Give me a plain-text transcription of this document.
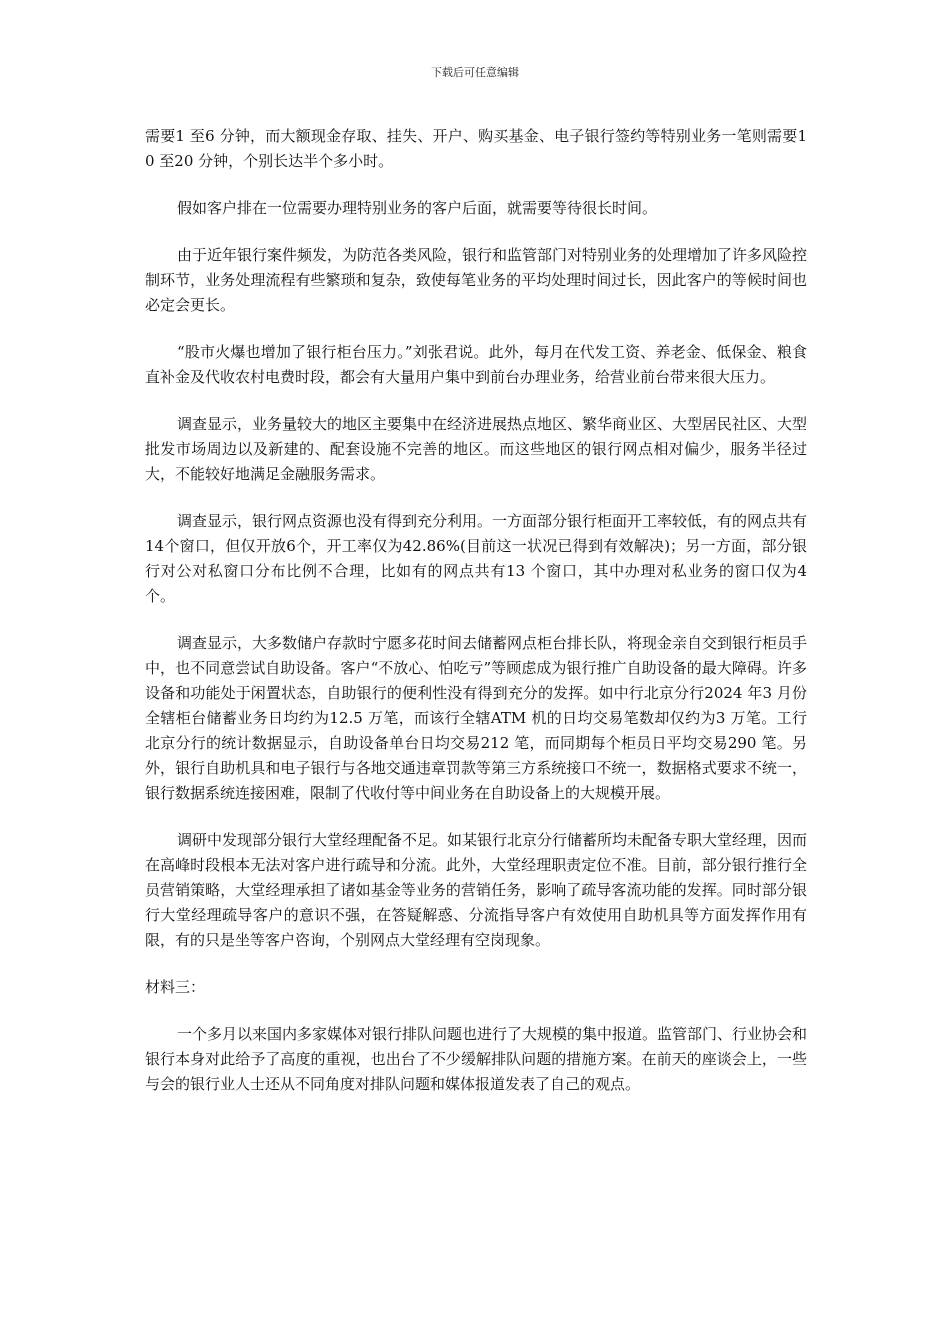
下载后可任意编辑

需要1 至6 分钟，而大额现金存取、挂失、开户、购买基金、电子银行签约等特别业务一笔则需要10 至20 分钟，个别长达半个多小时。

假如客户排在一位需要办理特别业务的客户后面，就需要等待很长时间。

由于近年银行案件频发，为防范各类风险，银行和监管部门对特别业务的处理增加了许多风险控制环节，业务处理流程有些繁琐和复杂，致使每笔业务的平均处理时间过长，因此客户的等候时间也必定会更长。

“股市火爆也增加了银行柜台压力。”刘张君说。此外，每月在代发工资、养老金、低保金、粮食直补金及代收农村电费时段，都会有大量用户集中到前台办理业务，给营业前台带来很大压力。

调查显示，业务量较大的地区主要集中在经济进展热点地区、繁华商业区、大型居民社区、大型批发市场周边以及新建的、配套设施不完善的地区。而这些地区的银行网点相对偏少，服务半径过大，不能较好地满足金融服务需求。

调查显示，银行网点资源也没有得到充分利用。一方面部分银行柜面开工率较低，有的网点共有14个窗口，但仅开放6个，开工率仅为42.86%(目前这一状况已得到有效解决)；另一方面，部分银行对公对私窗口分布比例不合理，比如有的网点共有13 个窗口，其中办理对私业务的窗口仅为4 个。

调查显示，大多数储户存款时宁愿多花时间去储蓄网点柜台排长队，将现金亲自交到银行柜员手中，也不同意尝试自助设备。客户“不放心、怕吃亏”等顾虑成为银行推广自助设备的最大障碍。许多设备和功能处于闲置状态，自助银行的便利性没有得到充分的发挥。如中行北京分行2024 年3 月份全辖柜台储蓄业务日均约为12.5 万笔，而该行全辖ATM 机的日均交易笔数却仅约为3 万笔。工行北京分行的统计数据显示，自助设备单台日均交易212 笔，而同期每个柜员日平均交易290 笔。另外，银行自助机具和电子银行与各地交通违章罚款等第三方系统接口不统一，数据格式要求不统一，银行数据系统连接困难，限制了代收付等中间业务在自助设备上的大规模开展。

调研中发现部分银行大堂经理配备不足。如某银行北京分行储蓄所均未配备专职大堂经理，因而在高峰时段根本无法对客户进行疏导和分流。此外，大堂经理职责定位不准。目前，部分银行推行全员营销策略，大堂经理承担了诸如基金等业务的营销任务，影响了疏导客流功能的发挥。同时部分银行大堂经理疏导客户的意识不强，在答疑解惑、分流指导客户有效使用自助机具等方面发挥作用有限，有的只是坐等客户咨询，个别网点大堂经理有空岗现象。

材料三：

一个多月以来国内多家媒体对银行排队问题也进行了大规模的集中报道。监管部门、行业协会和银行本身对此给予了高度的重视，也出台了不少缓解排队问题的措施方案。在前天的座谈会上，一些与会的银行业人士还从不同角度对排队问题和媒体报道发表了自己的观点。
